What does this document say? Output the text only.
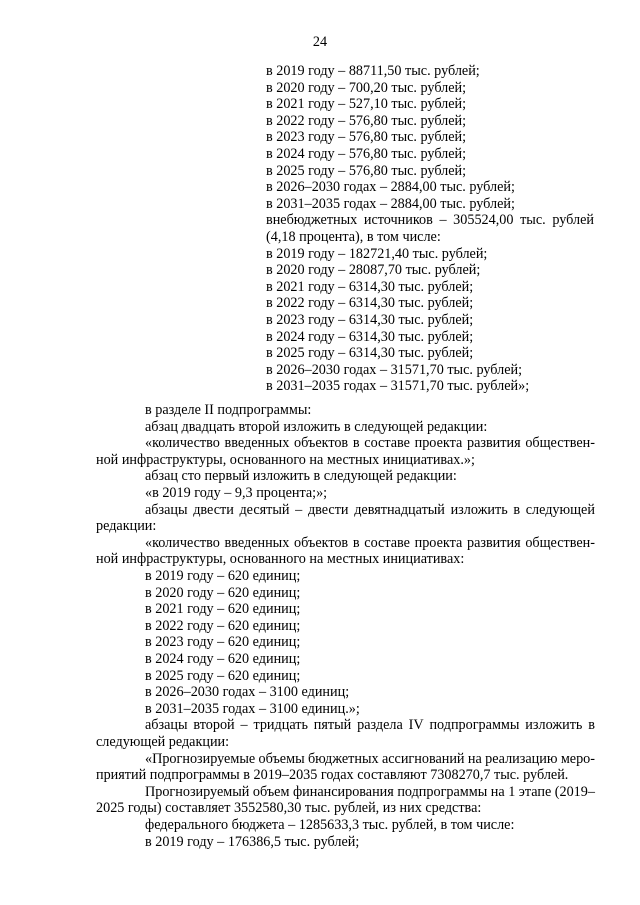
24
в 2019 году – 88711,50 тыс. рублей;
в 2020 году – 700,20 тыс. рублей;
в 2021 году – 527,10 тыс. рублей;
в 2022 году – 576,80 тыс. рублей;
в 2023 году – 576,80 тыс. рублей;
в 2024 году – 576,80 тыс. рублей;
в 2025 году – 576,80 тыс. рублей;
в 2026–2030 годах – 2884,00 тыс. рублей;
в 2031–2035 годах – 2884,00 тыс. рублей;
внебюджетных источников – 305524,00 тыс. рублей
(4,18 процента), в том числе:
в 2019 году – 182721,40 тыс. рублей;
в 2020 году – 28087,70 тыс. рублей;
в 2021 году – 6314,30 тыс. рублей;
в 2022 году – 6314,30 тыс. рублей;
в 2023 году – 6314,30 тыс. рублей;
в 2024 году – 6314,30 тыс. рублей;
в 2025 году – 6314,30 тыс. рублей;
в 2026–2030 годах – 31571,70 тыс. рублей;
в 2031–2035 годах – 31571,70 тыс. рублей»;
в разделе II подпрограммы:
абзац двадцать второй изложить в следующей редакции:
«количество введенных объектов в составе проекта развития обществен-
ной инфраструктуры, основанного на местных инициативах.»;
абзац сто первый изложить в следующей редакции:
«в 2019 году – 9,3 процента;»;
абзацы двести десятый – двести девятнадцатый изложить в следующей
редакции:
«количество введенных объектов в составе проекта развития обществен-
ной инфраструктуры, основанного на местных инициативах:
в 2019 году – 620 единиц;
в 2020 году – 620 единиц;
в 2021 году – 620 единиц;
в 2022 году – 620 единиц;
в 2023 году – 620 единиц;
в 2024 году – 620 единиц;
в 2025 году – 620 единиц;
в 2026–2030 годах – 3100 единиц;
в 2031–2035 годах – 3100 единиц.»;
абзацы второй – тридцать пятый раздела IV подпрограммы изложить в
следующей редакции:
«Прогнозируемые объемы бюджетных ассигнований на реализацию меро-
приятий подпрограммы в 2019–2035 годах составляют 7308270,7 тыс. рублей.
Прогнозируемый объем финансирования подпрограммы на 1 этапе (2019–
2025 годы) составляет 3552580,30 тыс. рублей, из них средства:
федерального бюджета – 1285633,3 тыс. рублей, в том числе:
в 2019 году – 176386,5 тыс. рублей;
